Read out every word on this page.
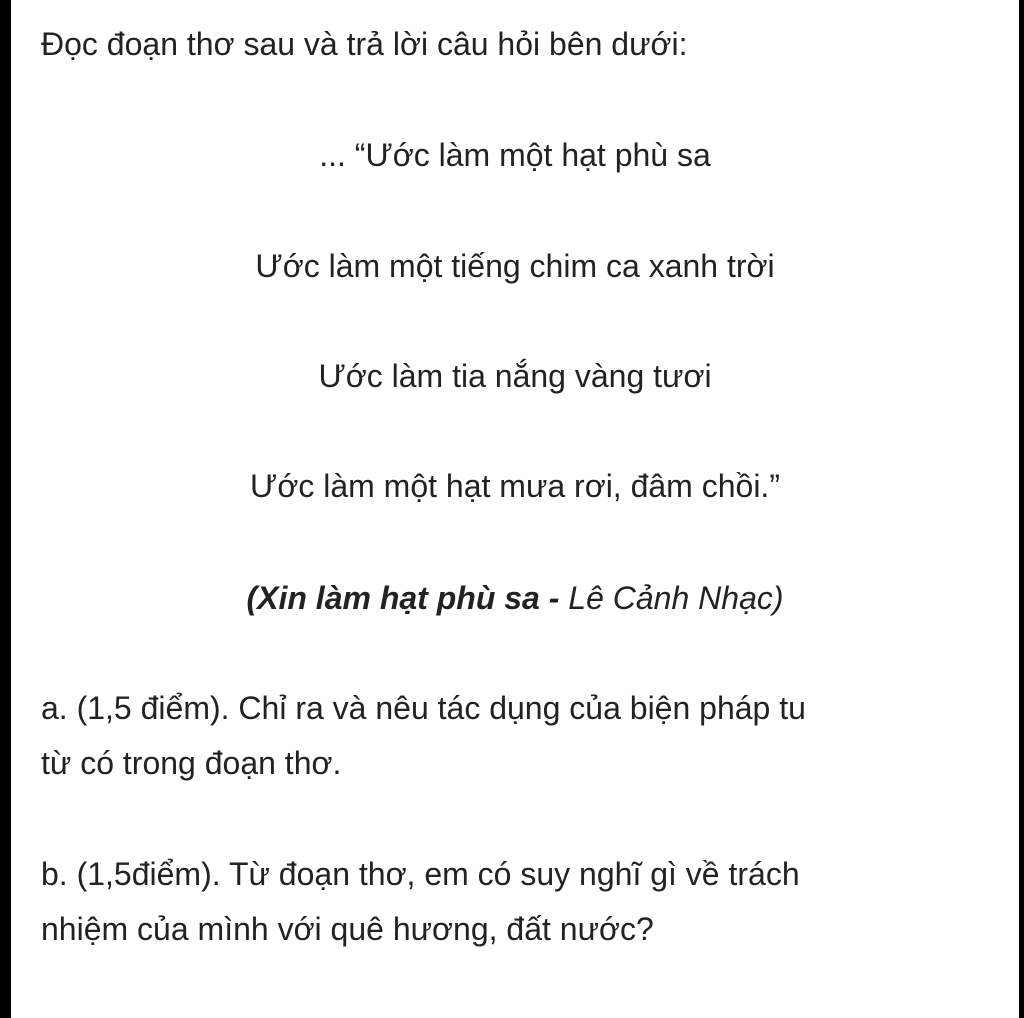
Đọc đoạn thơ sau và trả lời câu hỏi bên dưới:

... “Ước làm một hạt phù sa

Ước làm một tiếng chim ca xanh trời

Ước làm tia nắng vàng tươi

Ước làm một hạt mưa rơi, đâm chồi.”

(Xin làm hạt phù sa - Lê Cảnh Nhạc)

a. (1,5 điểm). Chỉ ra và nêu tác dụng của biện pháp tu

từ có trong đoạn thơ.

b. (1,5điểm). Từ đoạn thơ, em có suy nghĩ gì về trách

nhiệm của mình với quê hương, đất nước?
